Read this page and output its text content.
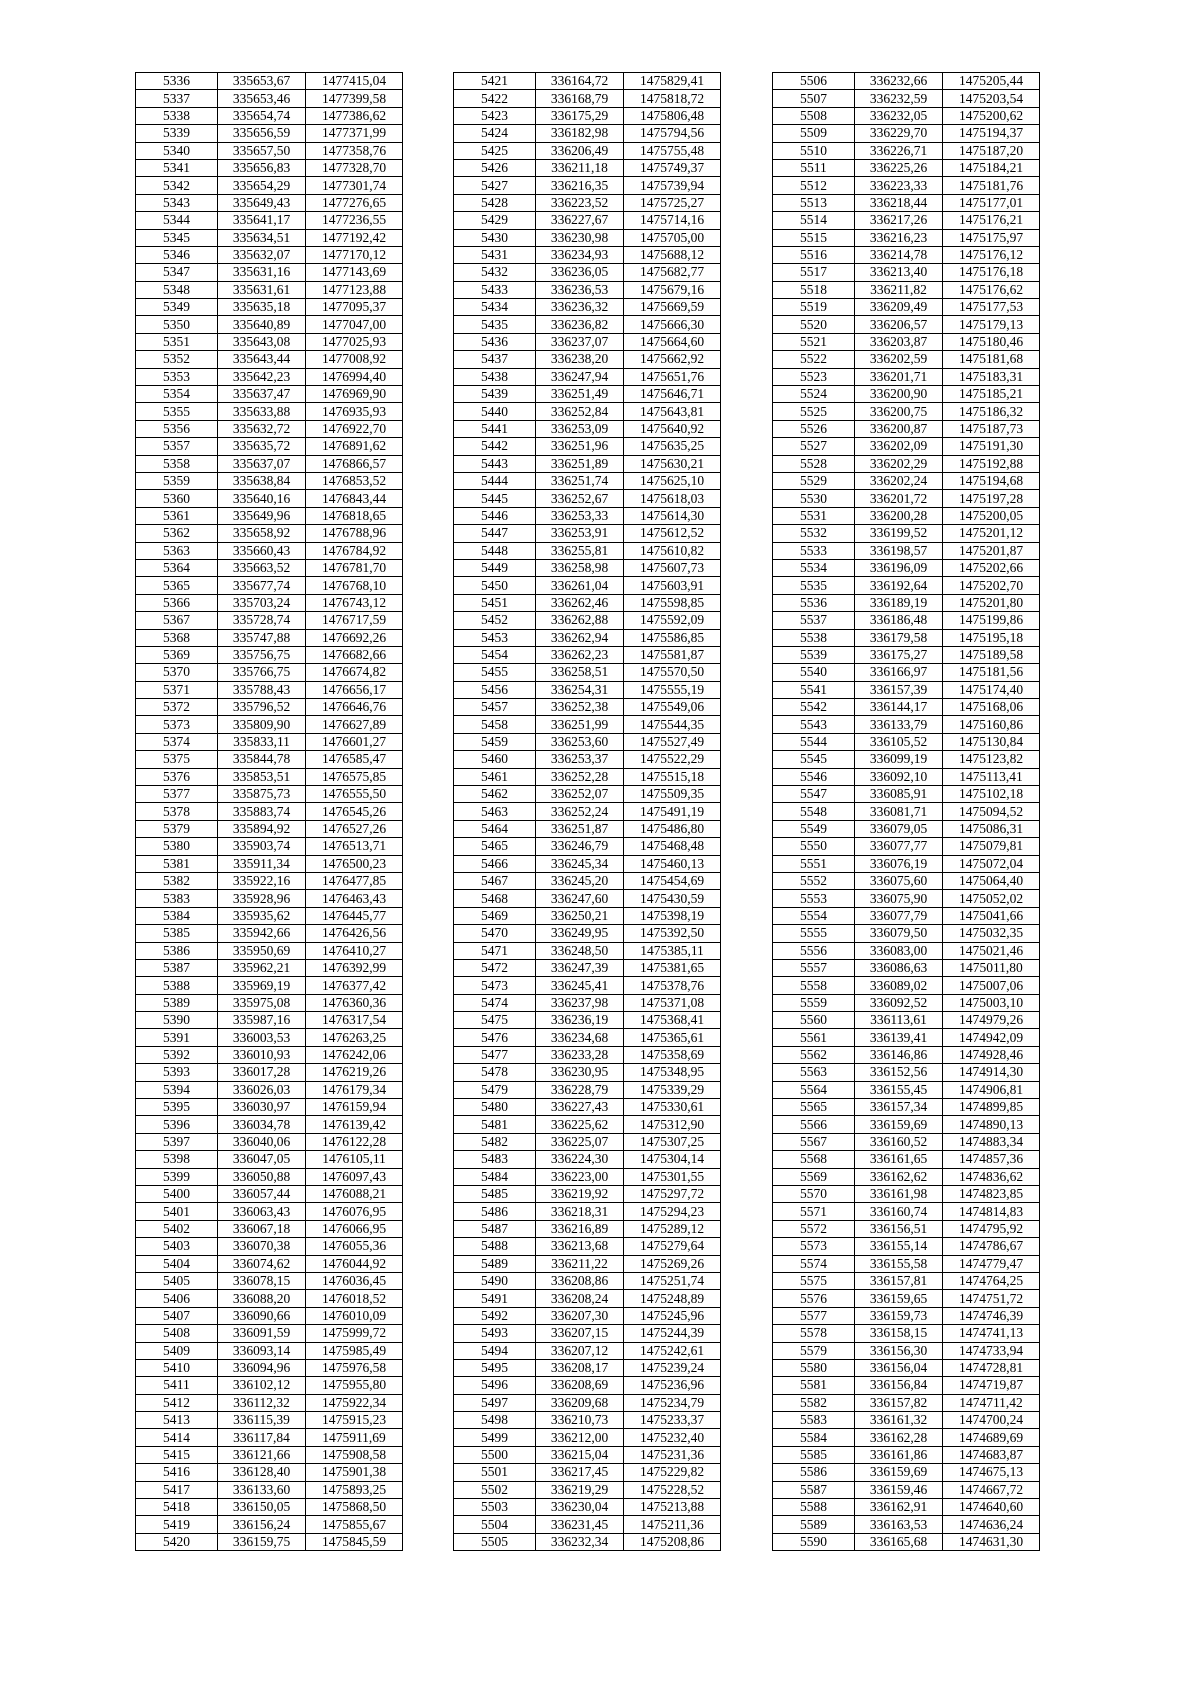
5336	335653,67	1477415,04
5337	335653,46	1477399,58
5338	335654,74	1477386,62
5339	335656,59	1477371,99
5340	335657,50	1477358,76
5341	335656,83	1477328,70
5342	335654,29	1477301,74
5343	335649,43	1477276,65
5344	335641,17	1477236,55
5345	335634,51	1477192,42
5346	335632,07	1477170,12
5347	335631,16	1477143,69
5348	335631,61	1477123,88
5349	335635,18	1477095,37
5350	335640,89	1477047,00
5351	335643,08	1477025,93
5352	335643,44	1477008,92
5353	335642,23	1476994,40
5354	335637,47	1476969,90
5355	335633,88	1476935,93
5356	335632,72	1476922,70
5357	335635,72	1476891,62
5358	335637,07	1476866,57
5359	335638,84	1476853,52
5360	335640,16	1476843,44
5361	335649,96	1476818,65
5362	335658,92	1476788,96
5363	335660,43	1476784,92
5364	335663,52	1476781,70
5365	335677,74	1476768,10
5366	335703,24	1476743,12
5367	335728,74	1476717,59
5368	335747,88	1476692,26
5369	335756,75	1476682,66
5370	335766,75	1476674,82
5371	335788,43	1476656,17
5372	335796,52	1476646,76
5373	335809,90	1476627,89
5374	335833,11	1476601,27
5375	335844,78	1476585,47
5376	335853,51	1476575,85
5377	335875,73	1476555,50
5378	335883,74	1476545,26
5379	335894,92	1476527,26
5380	335903,74	1476513,71
5381	335911,34	1476500,23
5382	335922,16	1476477,85
5383	335928,96	1476463,43
5384	335935,62	1476445,77
5385	335942,66	1476426,56
5386	335950,69	1476410,27
5387	335962,21	1476392,99
5388	335969,19	1476377,42
5389	335975,08	1476360,36
5390	335987,16	1476317,54
5391	336003,53	1476263,25
5392	336010,93	1476242,06
5393	336017,28	1476219,26
5394	336026,03	1476179,34
5395	336030,97	1476159,94
5396	336034,78	1476139,42
5397	336040,06	1476122,28
5398	336047,05	1476105,11
5399	336050,88	1476097,43
5400	336057,44	1476088,21
5401	336063,43	1476076,95
5402	336067,18	1476066,95
5403	336070,38	1476055,36
5404	336074,62	1476044,92
5405	336078,15	1476036,45
5406	336088,20	1476018,52
5407	336090,66	1476010,09
5408	336091,59	1475999,72
5409	336093,14	1475985,49
5410	336094,96	1475976,58
5411	336102,12	1475955,80
5412	336112,32	1475922,34
5413	336115,39	1475915,23
5414	336117,84	1475911,69
5415	336121,66	1475908,58
5416	336128,40	1475901,38
5417	336133,60	1475893,25
5418	336150,05	1475868,50
5419	336156,24	1475855,67
5420	336159,75	1475845,59
5421	336164,72	1475829,41
5422	336168,79	1475818,72
5423	336175,29	1475806,48
5424	336182,98	1475794,56
5425	336206,49	1475755,48
5426	336211,18	1475749,37
5427	336216,35	1475739,94
5428	336223,52	1475725,27
5429	336227,67	1475714,16
5430	336230,98	1475705,00
5431	336234,93	1475688,12
5432	336236,05	1475682,77
5433	336236,53	1475679,16
5434	336236,32	1475669,59
5435	336236,82	1475666,30
5436	336237,07	1475664,60
5437	336238,20	1475662,92
5438	336247,94	1475651,76
5439	336251,49	1475646,71
5440	336252,84	1475643,81
5441	336253,09	1475640,92
5442	336251,96	1475635,25
5443	336251,89	1475630,21
5444	336251,74	1475625,10
5445	336252,67	1475618,03
5446	336253,33	1475614,30
5447	336253,91	1475612,52
5448	336255,81	1475610,82
5449	336258,98	1475607,73
5450	336261,04	1475603,91
5451	336262,46	1475598,85
5452	336262,88	1475592,09
5453	336262,94	1475586,85
5454	336262,23	1475581,87
5455	336258,51	1475570,50
5456	336254,31	1475555,19
5457	336252,38	1475549,06
5458	336251,99	1475544,35
5459	336253,60	1475527,49
5460	336253,37	1475522,29
5461	336252,28	1475515,18
5462	336252,07	1475509,35
5463	336252,24	1475491,19
5464	336251,87	1475486,80
5465	336246,79	1475468,48
5466	336245,34	1475460,13
5467	336245,20	1475454,69
5468	336247,60	1475430,59
5469	336250,21	1475398,19
5470	336249,95	1475392,50
5471	336248,50	1475385,11
5472	336247,39	1475381,65
5473	336245,41	1475378,76
5474	336237,98	1475371,08
5475	336236,19	1475368,41
5476	336234,68	1475365,61
5477	336233,28	1475358,69
5478	336230,95	1475348,95
5479	336228,79	1475339,29
5480	336227,43	1475330,61
5481	336225,62	1475312,90
5482	336225,07	1475307,25
5483	336224,30	1475304,14
5484	336223,00	1475301,55
5485	336219,92	1475297,72
5486	336218,31	1475294,23
5487	336216,89	1475289,12
5488	336213,68	1475279,64
5489	336211,22	1475269,26
5490	336208,86	1475251,74
5491	336208,24	1475248,89
5492	336207,30	1475245,96
5493	336207,15	1475244,39
5494	336207,12	1475242,61
5495	336208,17	1475239,24
5496	336208,69	1475236,96
5497	336209,68	1475234,79
5498	336210,73	1475233,37
5499	336212,00	1475232,40
5500	336215,04	1475231,36
5501	336217,45	1475229,82
5502	336219,29	1475228,52
5503	336230,04	1475213,88
5504	336231,45	1475211,36
5505	336232,34	1475208,86
5506	336232,66	1475205,44
5507	336232,59	1475203,54
5508	336232,05	1475200,62
5509	336229,70	1475194,37
5510	336226,71	1475187,20
5511	336225,26	1475184,21
5512	336223,33	1475181,76
5513	336218,44	1475177,01
5514	336217,26	1475176,21
5515	336216,23	1475175,97
5516	336214,78	1475176,12
5517	336213,40	1475176,18
5518	336211,82	1475176,62
5519	336209,49	1475177,53
5520	336206,57	1475179,13
5521	336203,87	1475180,46
5522	336202,59	1475181,68
5523	336201,71	1475183,31
5524	336200,90	1475185,21
5525	336200,75	1475186,32
5526	336200,87	1475187,73
5527	336202,09	1475191,30
5528	336202,29	1475192,88
5529	336202,24	1475194,68
5530	336201,72	1475197,28
5531	336200,28	1475200,05
5532	336199,52	1475201,12
5533	336198,57	1475201,87
5534	336196,09	1475202,66
5535	336192,64	1475202,70
5536	336189,19	1475201,80
5537	336186,48	1475199,86
5538	336179,58	1475195,18
5539	336175,27	1475189,58
5540	336166,97	1475181,56
5541	336157,39	1475174,40
5542	336144,17	1475168,06
5543	336133,79	1475160,86
5544	336105,52	1475130,84
5545	336099,19	1475123,82
5546	336092,10	1475113,41
5547	336085,91	1475102,18
5548	336081,71	1475094,52
5549	336079,05	1475086,31
5550	336077,77	1475079,81
5551	336076,19	1475072,04
5552	336075,60	1475064,40
5553	336075,90	1475052,02
5554	336077,79	1475041,66
5555	336079,50	1475032,35
5556	336083,00	1475021,46
5557	336086,63	1475011,80
5558	336089,02	1475007,06
5559	336092,52	1475003,10
5560	336113,61	1474979,26
5561	336139,41	1474942,09
5562	336146,86	1474928,46
5563	336152,56	1474914,30
5564	336155,45	1474906,81
5565	336157,34	1474899,85
5566	336159,69	1474890,13
5567	336160,52	1474883,34
5568	336161,65	1474857,36
5569	336162,62	1474836,62
5570	336161,98	1474823,85
5571	336160,74	1474814,83
5572	336156,51	1474795,92
5573	336155,14	1474786,67
5574	336155,58	1474779,47
5575	336157,81	1474764,25
5576	336159,65	1474751,72
5577	336159,73	1474746,39
5578	336158,15	1474741,13
5579	336156,30	1474733,94
5580	336156,04	1474728,81
5581	336156,84	1474719,87
5582	336157,82	1474711,42
5583	336161,32	1474700,24
5584	336162,28	1474689,69
5585	336161,86	1474683,87
5586	336159,69	1474675,13
5587	336159,46	1474667,72
5588	336162,91	1474640,60
5589	336163,53	1474636,24
5590	336165,68	1474631,30
